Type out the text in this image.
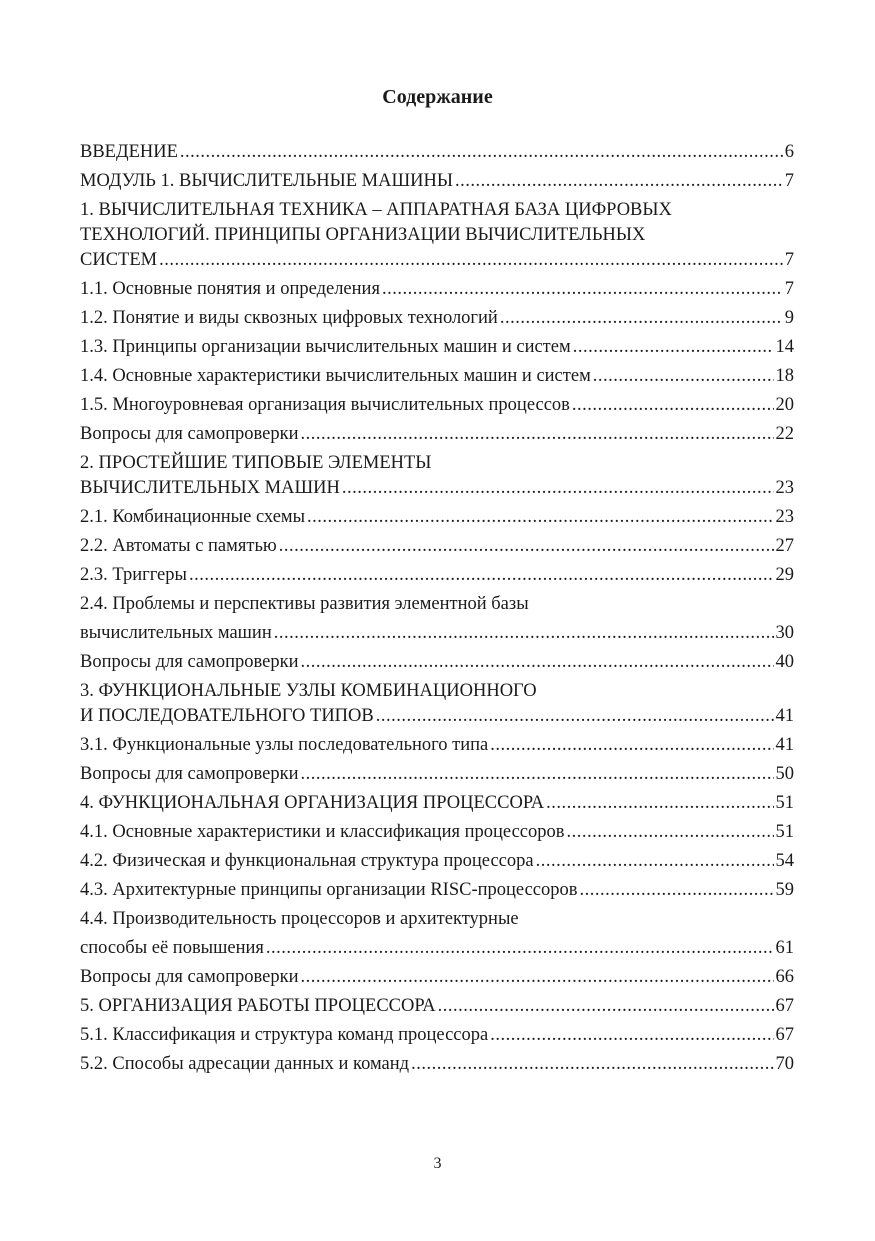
Содержание
ВВЕДЕНИЕ .....	6
МОДУЛЬ 1. ВЫЧИСЛИТЕЛЬНЫЕ МАШИНЫ .....	7
1. ВЫЧИСЛИТЕЛЬНАЯ ТЕХНИКА – АППАРАТНАЯ БАЗА ЦИФРОВЫХ
ТЕХНОЛОГИЙ. ПРИНЦИПЫ ОРГАНИЗАЦИИ ВЫЧИСЛИТЕЛЬНЫХ
СИСТЕМ .....	7
1.1. Основные понятия и определения .....	7
1.2. Понятие и виды сквозных цифровых технологий .....	9
1.3. Принципы организации вычислительных машин и систем .....	14
1.4. Основные характеристики вычислительных машин и систем .....	18
1.5. Многоуровневая организация вычислительных процессов .....	20
Вопросы для самопроверки .....	22
2. ПРОСТЕЙШИЕ ТИПОВЫЕ ЭЛЕМЕНТЫ
ВЫЧИСЛИТЕЛЬНЫХ МАШИН .....	23
2.1. Комбинационные схемы .....	23
2.2. Автоматы с памятью .....	27
2.3. Триггеры .....	29
2.4. Проблемы и перспективы развития элементной базы
вычислительных машин .....	30
Вопросы для самопроверки .....	40
3. ФУНКЦИОНАЛЬНЫЕ УЗЛЫ КОМБИНАЦИОННОГО
И ПОСЛЕДОВАТЕЛЬНОГО ТИПОВ .....	41
3.1. Функциональные узлы последовательного типа .....	41
Вопросы для самопроверки .....	50
4. ФУНКЦИОНАЛЬНАЯ ОРГАНИЗАЦИЯ ПРОЦЕССОРА .....	51
4.1. Основные характеристики и классификация процессоров .....	51
4.2. Физическая и функциональная структура процессора .....	54
4.3. Архитектурные принципы организации RISC-процессоров .....	59
4.4. Производительность процессоров и архитектурные
способы её повышения .....	61
Вопросы для самопроверки .....	66
5. ОРГАНИЗАЦИЯ РАБОТЫ ПРОЦЕССОРА .....	67
5.1. Классификация и структура команд процессора .....	67
5.2. Способы адресации данных и команд .....	70
3
